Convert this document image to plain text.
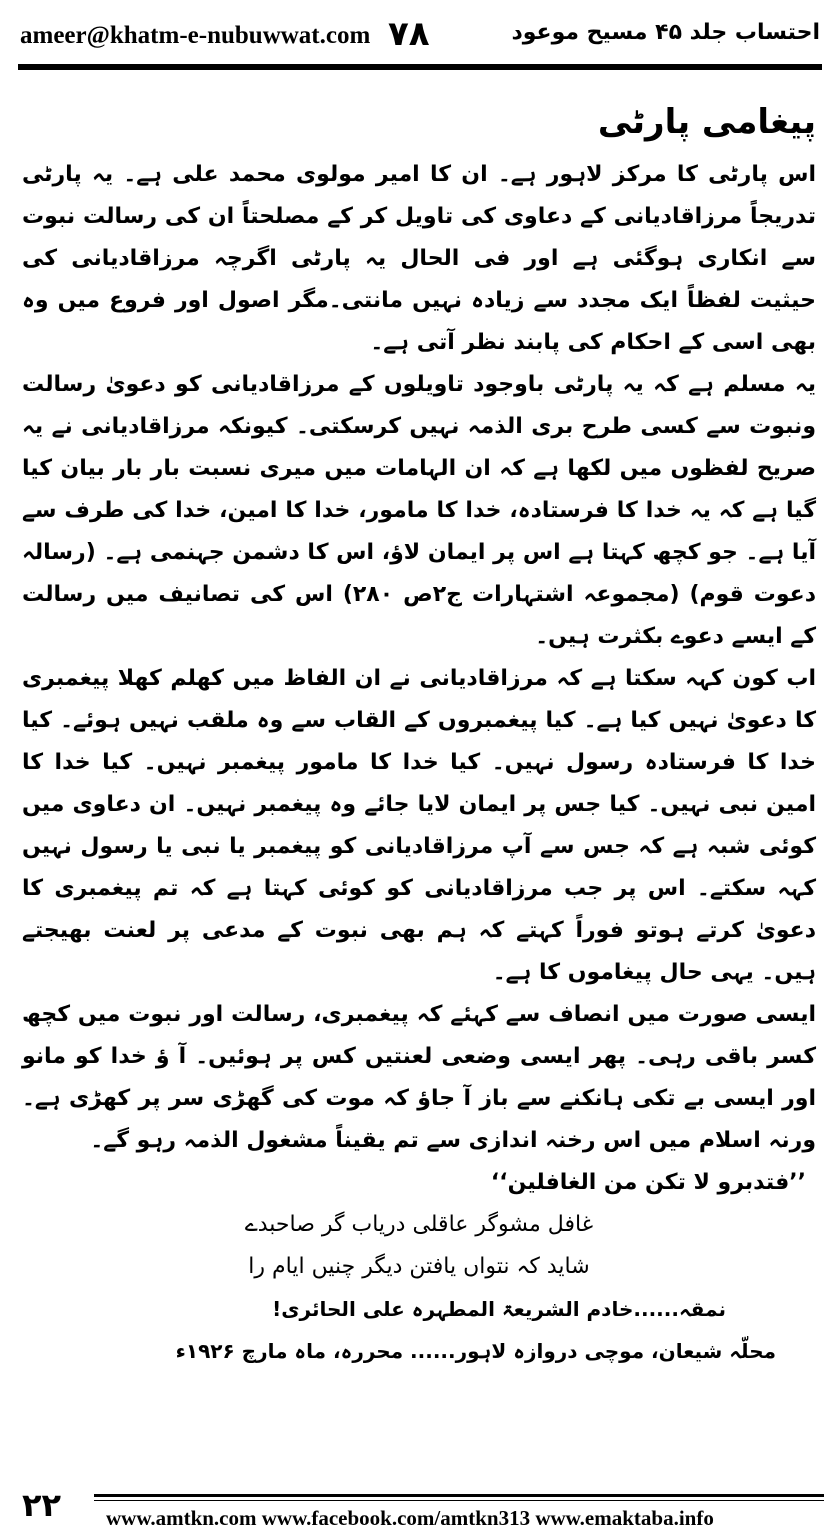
ameer@khatm-e-nubuwwat.com ۷۸	احتساب جلد ۴۵ مسیح موعود

پیغامی پارٹی

اس پارٹی کا مرکز لاہور ہے۔ ان کا امیر مولوی محمد علی ہے۔ یہ پارٹی تدریجاً مرزاقادیانی کے دعاوی کی تاویل کر کے مصلحتاً ان کی رسالت نبوت سے انکاری ہوگئی ہے اور فی الحال یہ پارٹی اگرچہ مرزاقادیانی کی حیثیت لفظاً ایک مجدد سے زیادہ نہیں مانتی۔مگر اصول اور فروع میں وہ بھی اسی کے احکام کی پابند نظر آتی ہے۔

یہ مسلم ہے کہ یہ پارٹی باوجود تاویلوں کے مرزاقادیانی کو دعویٰ رسالت ونبوت سے کسی طرح بری الذمہ نہیں کرسکتی۔ کیونکہ مرزاقادیانی نے یہ صریح لفظوں میں لکھا ہے کہ ان الہامات میں میری نسبت بار بار بیان کیا گیا ہے کہ یہ خدا کا فرستادہ، خدا کا مامور، خدا کا امین، خدا کی طرف سے آیا ہے۔ جو کچھ کہتا ہے اس پر ایمان لاؤ، اس کا دشمن جہنمی ہے۔ (رسالہ دعوت قوم) (مجموعہ اشتہارات ج۲ص ۲۸۰) اس کی تصانیف میں رسالت کے ایسے دعوے بکثرت ہیں۔

اب کون کہہ سکتا ہے کہ مرزاقادیانی نے ان الفاظ میں کھلم کھلا پیغمبری کا دعویٰ نہیں کیا ہے۔ کیا پیغمبروں کے القاب سے وہ ملقب نہیں ہوئے۔ کیا خدا کا فرستادہ رسول نہیں۔ کیا خدا کا مامور پیغمبر نہیں۔ کیا خدا کا امین نبی نہیں۔ کیا جس پر ایمان لایا جائے وہ پیغمبر نہیں۔ ان دعاوی میں کوئی شبہ ہے کہ جس سے آپ مرزاقادیانی کو پیغمبر یا نبی یا رسول نہیں کہہ سکتے۔ اس پر جب مرزاقادیانی کو کوئی کہتا ہے کہ تم پیغمبری کا دعویٰ کرتے ہوتو فوراً کہتے کہ ہم بھی نبوت کے مدعی پر لعنت بھیجتے ہیں۔ یہی حال پیغاموں کا ہے۔

ایسی صورت میں انصاف سے کہئے کہ پیغمبری، رسالت اور نبوت میں کچھ کسر باقی رہی۔ پھر ایسی وضعی لعنتیں کس پر ہوئیں۔ آ ؤ خدا کو مانو اور ایسی بے تکی ہانکنے سے باز آ جاؤ کہ موت کی گھڑی سر پر کھڑی ہے۔ ورنہ اسلام میں اس رخنہ اندازی سے تم یقیناً مشغول الذمہ رہو گے۔

’’فتدبرو لا تکن من الغافلین‘‘

غافل مشوگر عاقلی دریاب گر صاحبدے

شاید کہ نتواں یافتن دیگر چنیں ایام را

نمقہ......خادم الشریعۃ المطہرہ علی الحائری!

محلّہ شیعان، موچی دروازہ لاہور...... محررہ، ماہ مارچ ۱۹۲۶ء

۲۲ www.amtkn.com www.facebook.com/amtkn313 www.emaktaba.info
